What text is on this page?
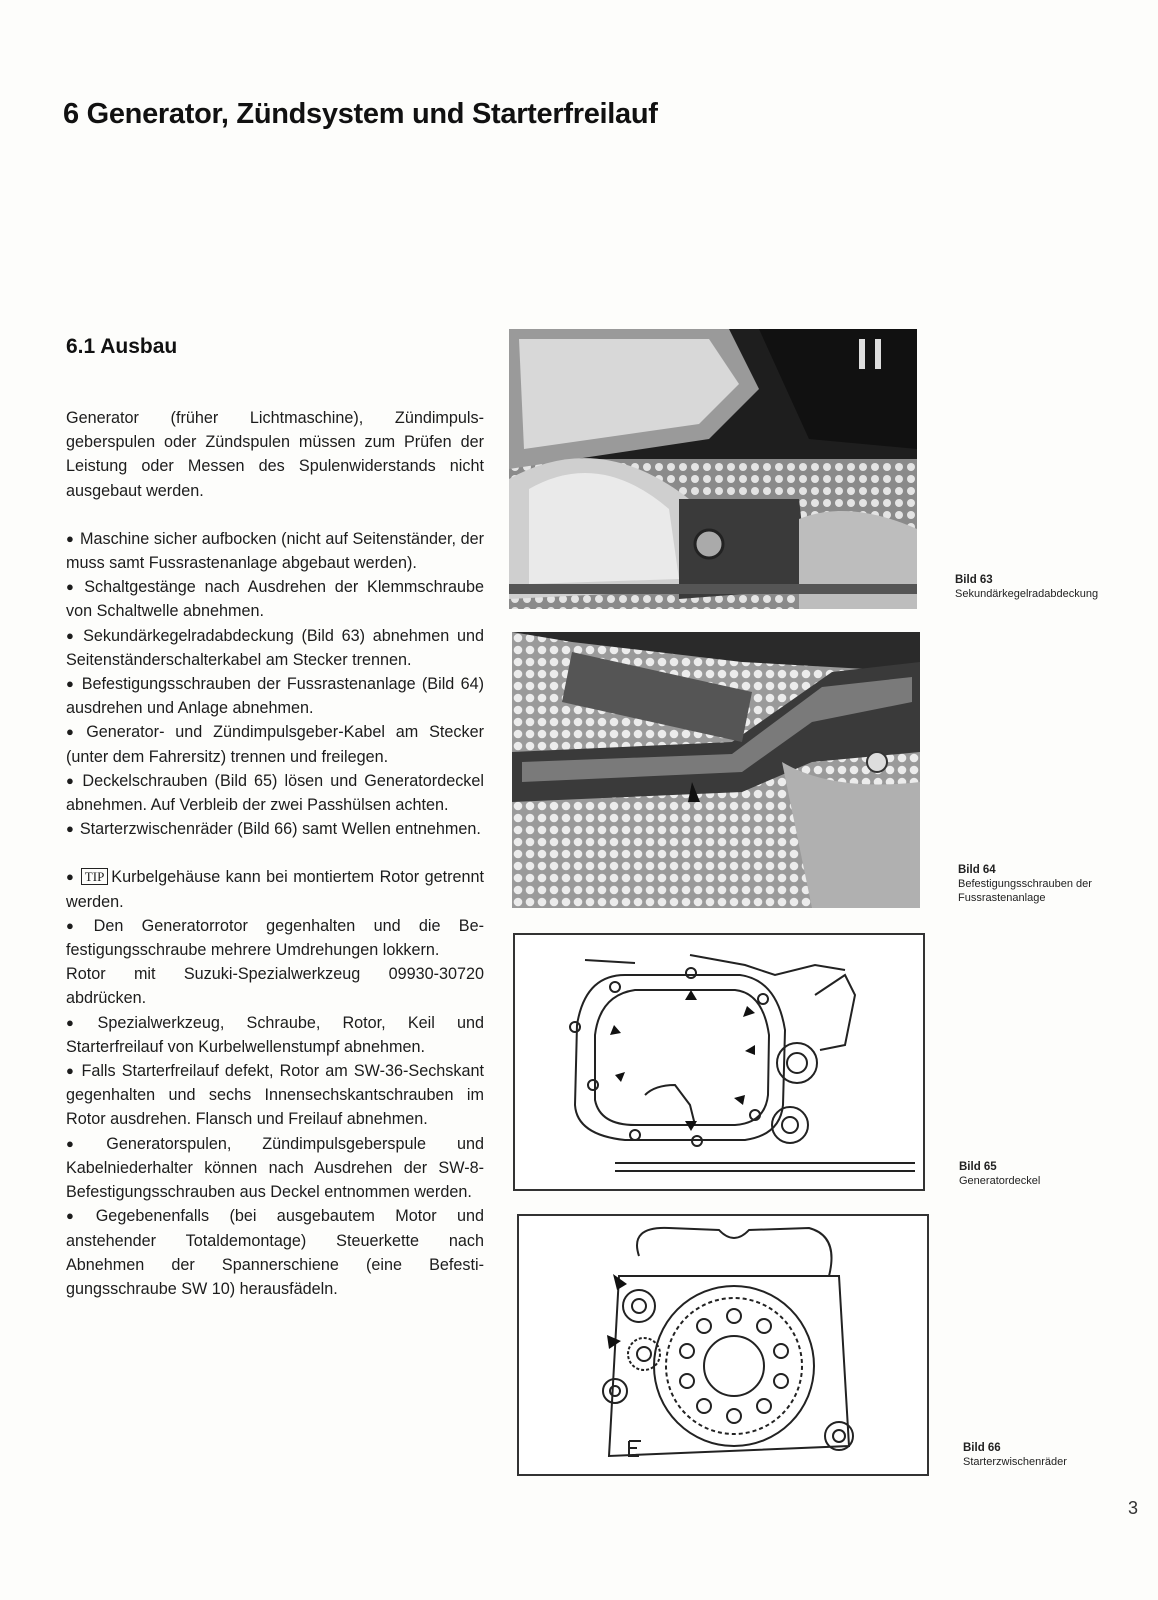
6 Generator, Zündsystem und Starterfreilauf
6.1 Ausbau

Generator (früher Lichtmaschine), Zündimpulsgeberspulen oder Zündspulen müssen zum Prüfen der Leistung oder Messen des Spulenwiderstands nicht ausgebaut werden.

● Maschine sicher aufbocken (nicht auf Seitenständer, der muss samt Fussrastenanlage abgebaut werden).

● Schaltgestänge nach Ausdrehen der Klemmschraube von Schaltwelle abnehmen.

● Sekundärkegelradabdeckung (Bild 63) abnehmen und Seitenständerschalterkabel am Stecker trennen.

● Befestigungsschrauben der Fussrastenanlage (Bild 64) ausdrehen und Anlage abnehmen.

● Generator- und Zündimpulsgeber-Kabel am Stecker (unter dem Fahrersitz) trennen und freilegen.

● Deckelschrauben (Bild 65) lösen und Generatordeckel abnehmen. Auf Verbleib der zwei Passhülsen achten.

● Starterzwischenräder (Bild 66) samt Wellen entnehmen.

● TIP Kurbelgehäuse kann bei montiertem Rotor getrennt werden.

● Den Generatorrotor gegenhalten und die Befestigungsschraube mehrere Umdrehungen lokkern.

Rotor mit Suzuki-Spezialwerkzeug 09930-30720 abdrücken.

● Spezialwerkzeug, Schraube, Rotor, Keil und Starterfreilauf von Kurbelwellenstumpf abnehmen.

● Falls Starterfreilauf defekt, Rotor am SW-36-Sechskant gegenhalten und sechs Innensechskantschrauben im Rotor ausdrehen. Flansch und Freilauf abnehmen.

● Generatorspulen, Zündimpulsgeberspule und Kabelniederhalter können nach Ausdrehen der SW-8-Befestigungsschrauben aus Deckel entnommen werden.

● Gegebenenfalls (bei ausgebautem Motor und anstehender Totaldemontage) Steuerkette nach Abnehmen der Spannerschiene (eine Befestigungsschraube SW 10) herausfädeln.

Bild 63
Sekundärkegelradabdeckung
Bild 64
Befestigungsschrauben der Fussrastenanlage
Bild 65
Generatordeckel
Bild 66
Starterzwischenräder
3
